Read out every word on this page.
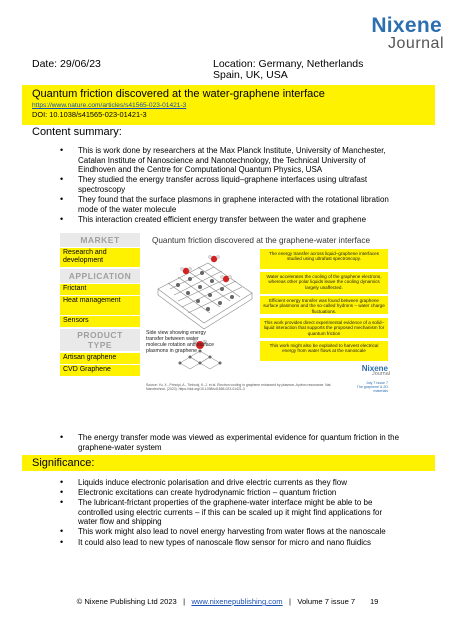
Nixene
Journal
Date: 29/06/23	Location: Germany, Netherlands
Spain, UK, USA
Quantum friction discovered at the water-graphene interface
https://www.nature.com/articles/s41565-023-01421-3
DOI: 10.1038/s41565-023-01421-3
Content summary:
• This is work done by researchers at the Max Planck Institute, University of Manchester, Catalan Institute of Nanoscience and Nanotechnology, the Technical University of Eindhoven and the Centre for Computational Quantum Physics, USA
• They studied the energy transfer across liquid–graphene interfaces using ultrafast spectroscopy
• They found that the surface plasmons in graphene interacted with the rotational libration mode of the water molecule
• This interaction created efficient energy transfer between the water and graphene
MARKET
Research and development
APPLICATION
Frictant
Heat management
Sensors
PRODUCT
TYPE
Artisan graphene
CVD Graphene
Quantum friction discovered at the graphene-water interface
Side view showing energy transfer between water molecule rotation and surface plasmons in graphene
The energy transfer across liquid–graphene interfaces studied using ultrafast spectroscopy.
Water accelerates the cooling of the graphene electrons, whereas other polar liquids leave the cooling dynamics largely unaffected.
Efficient energy transfer was found between graphene surface plasmons and the so-called hydrons – water charge fluctuations.
This work provides direct experimental evidence of a solid–liquid interaction that supports the proposed mechanism for quantum friction
This work might also be exploited to harvest electrical energy from water flows at the nanoscale
Nixene
Journal
July 7 Issue 7
The graphene & 2D materials
Source: Yu, X., Principi, A., Tielrooij, K.-J. et al. Electron cooling in graphene enhanced by plasmon–hydron resonance. Nat. Nanotechnol. (2023). https://doi.org/10.1038/s41565-023-01421-3
• The energy transfer mode was viewed as experimental evidence for quantum friction in the graphene-water system
Significance:
• Liquids induce electronic polarisation and drive electric currents as they flow
• Electronic excitations can create hydrodynamic friction – quantum friction
• The lubricant-frictant properties of the graphene-water interface might be able to be controlled using electric currents – if this can be scaled up it might find applications for water flow and shipping
• This work might also lead to novel energy harvesting from water flows at the nanoscale
• It could also lead to new types of nanoscale flow sensor for micro and nano fluidics
© Nixene Publishing Ltd 2023 | www.nixenepublishing.com | Volume 7 issue 7 19
